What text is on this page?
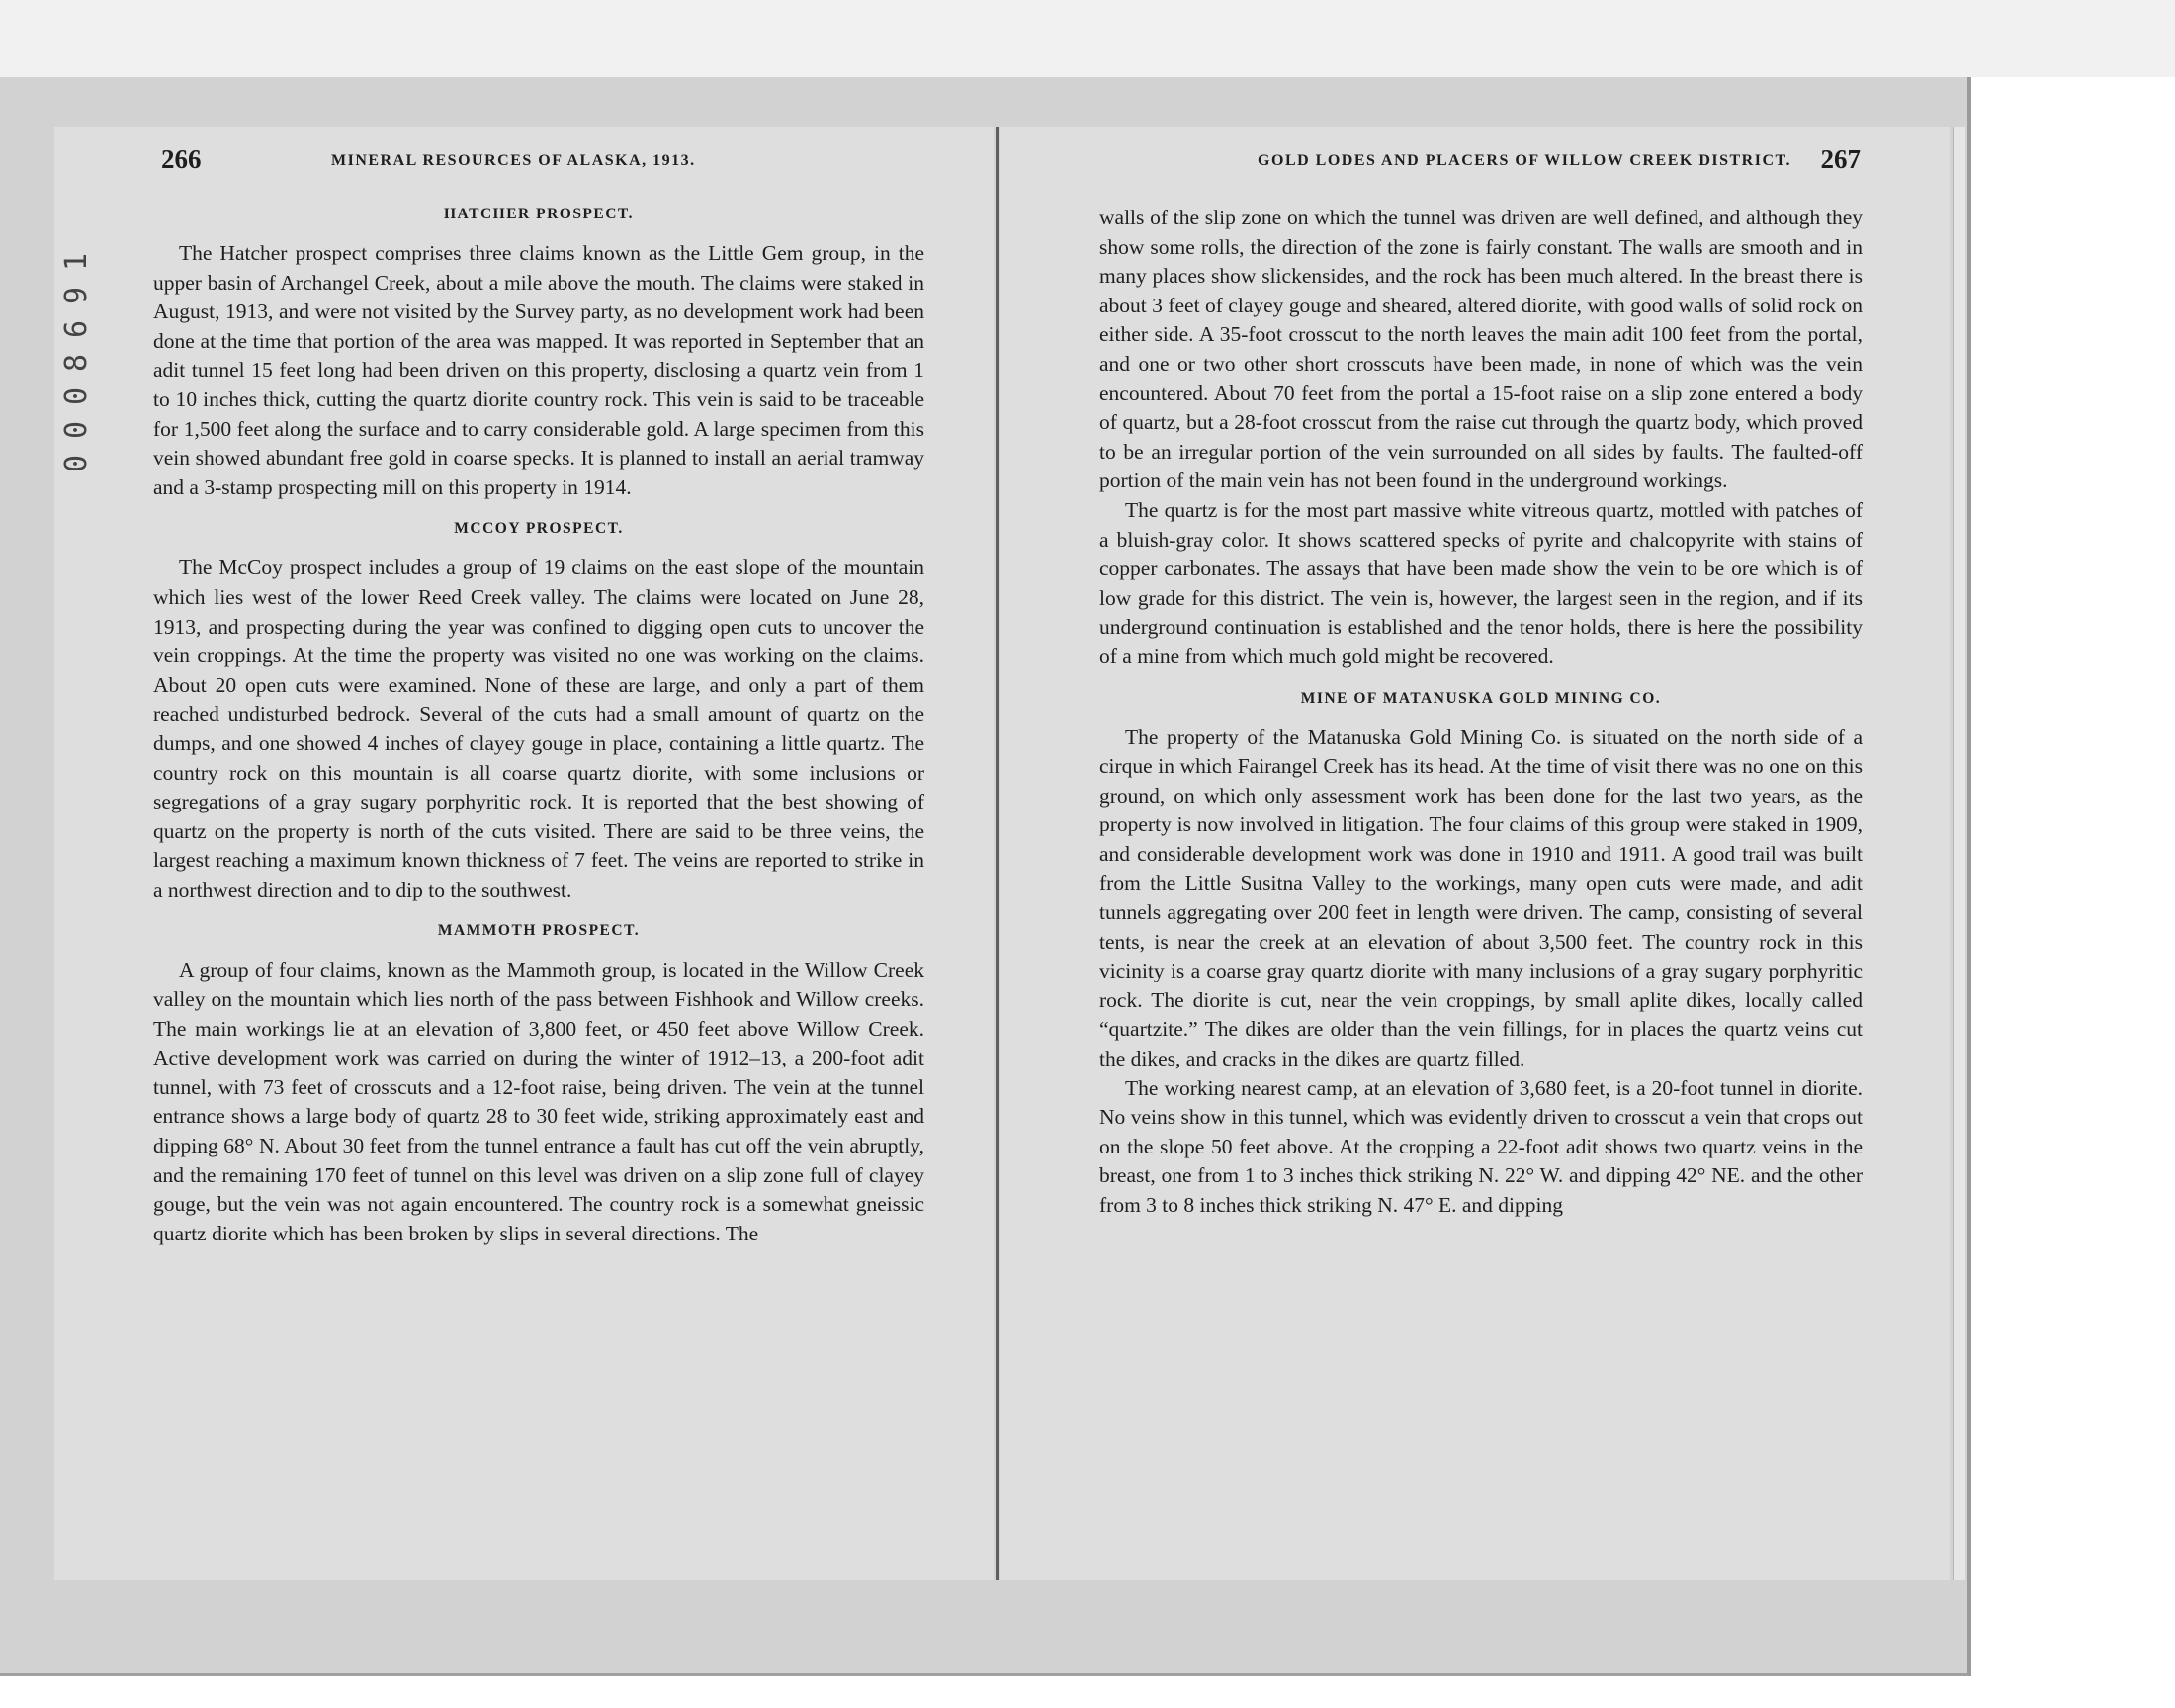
266	MINERAL RESOURCES OF ALASKA, 1913.
HATCHER PROSPECT.

The Hatcher prospect comprises three claims known as the Little Gem group, in the upper basin of Archangel Creek, about a mile above the mouth. The claims were staked in August, 1913, and were not visited by the Survey party, as no development work had been done at the time that portion of the area was mapped. It was reported in September that an adit tunnel 15 feet long had been driven on this property, disclosing a quartz vein from 1 to 10 inches thick, cutting the quartz diorite country rock. This vein is said to be traceable for 1,500 feet along the surface and to carry considerable gold. A large specimen from this vein showed abundant free gold in coarse specks. It is planned to install an aerial tramway and a 3-stamp prospecting mill on this property in 1914.

MCCOY PROSPECT.

The McCoy prospect includes a group of 19 claims on the east slope of the mountain which lies west of the lower Reed Creek valley. The claims were located on June 28, 1913, and prospecting during the year was confined to digging open cuts to uncover the vein croppings. At the time the property was visited no one was working on the claims. About 20 open cuts were examined. None of these are large, and only a part of them reached undisturbed bedrock. Several of the cuts had a small amount of quartz on the dumps, and one showed 4 inches of clayey gouge in place, containing a little quartz. The country rock on this mountain is all coarse quartz diorite, with some inclusions or segregations of a gray sugary porphyritic rock. It is reported that the best showing of quartz on the property is north of the cuts visited. There are said to be three veins, the largest reaching a maximum known thickness of 7 feet. The veins are reported to strike in a northwest direction and to dip to the southwest.

MAMMOTH PROSPECT.

A group of four claims, known as the Mammoth group, is located in the Willow Creek valley on the mountain which lies north of the pass between Fishhook and Willow creeks. The main workings lie at an elevation of 3,800 feet, or 450 feet above Willow Creek. Active development work was carried on during the winter of 1912–13, a 200-foot adit tunnel, with 73 feet of crosscuts and a 12-foot raise, being driven. The vein at the tunnel entrance shows a large body of quartz 28 to 30 feet wide, striking approximately east and dipping 68° N. About 30 feet from the tunnel entrance a fault has cut off the vein abruptly, and the remaining 170 feet of tunnel on this level was driven on a slip zone full of clayey gouge, but the vein was not again encountered. The country rock is a somewhat gneissic quartz diorite which has been broken by slips in several directions. The

1
9
6
8
0
0
0
GOLD LODES AND PLACERS OF WILLOW CREEK DISTRICT. 267

walls of the slip zone on which the tunnel was driven are well defined, and although they show some rolls, the direction of the zone is fairly constant. The walls are smooth and in many places show slickensides, and the rock has been much altered. In the breast there is about 3 feet of clayey gouge and sheared, altered diorite, with good walls of solid rock on either side. A 35-foot crosscut to the north leaves the main adit 100 feet from the portal, and one or two other short crosscuts have been made, in none of which was the vein encountered. About 70 feet from the portal a 15-foot raise on a slip zone entered a body of quartz, but a 28-foot crosscut from the raise cut through the quartz body, which proved to be an irregular portion of the vein surrounded on all sides by faults. The faulted-off portion of the main vein has not been found in the underground workings.

The quartz is for the most part massive white vitreous quartz, mottled with patches of a bluish-gray color. It shows scattered specks of pyrite and chalcopyrite with stains of copper carbonates. The assays that have been made show the vein to be ore which is of low grade for this district. The vein is, however, the largest seen in the region, and if its underground continuation is established and the tenor holds, there is here the possibility of a mine from which much gold might be recovered.

MINE OF MATANUSKA GOLD MINING CO.

The property of the Matanuska Gold Mining Co. is situated on the north side of a cirque in which Fairangel Creek has its head. At the time of visit there was no one on this ground, on which only assessment work has been done for the last two years, as the property is now involved in litigation. The four claims of this group were staked in 1909, and considerable development work was done in 1910 and 1911. A good trail was built from the Little Susitna Valley to the workings, many open cuts were made, and adit tunnels aggregating over 200 feet in length were driven. The camp, consisting of several tents, is near the creek at an elevation of about 3,500 feet. The country rock in this vicinity is a coarse gray quartz diorite with many inclusions of a gray sugary porphyritic rock. The diorite is cut, near the vein croppings, by small aplite dikes, locally called “quartzite.” The dikes are older than the vein fillings, for in places the quartz veins cut the dikes, and cracks in the dikes are quartz filled.

The working nearest camp, at an elevation of 3,680 feet, is a 20-foot tunnel in diorite. No veins show in this tunnel, which was evidently driven to crosscut a vein that crops out on the slope 50 feet above. At the cropping a 22-foot adit shows two quartz veins in the breast, one from 1 to 3 inches thick striking N. 22° W. and dipping 42° NE. and the other from 3 to 8 inches thick striking N. 47° E. and dipping
